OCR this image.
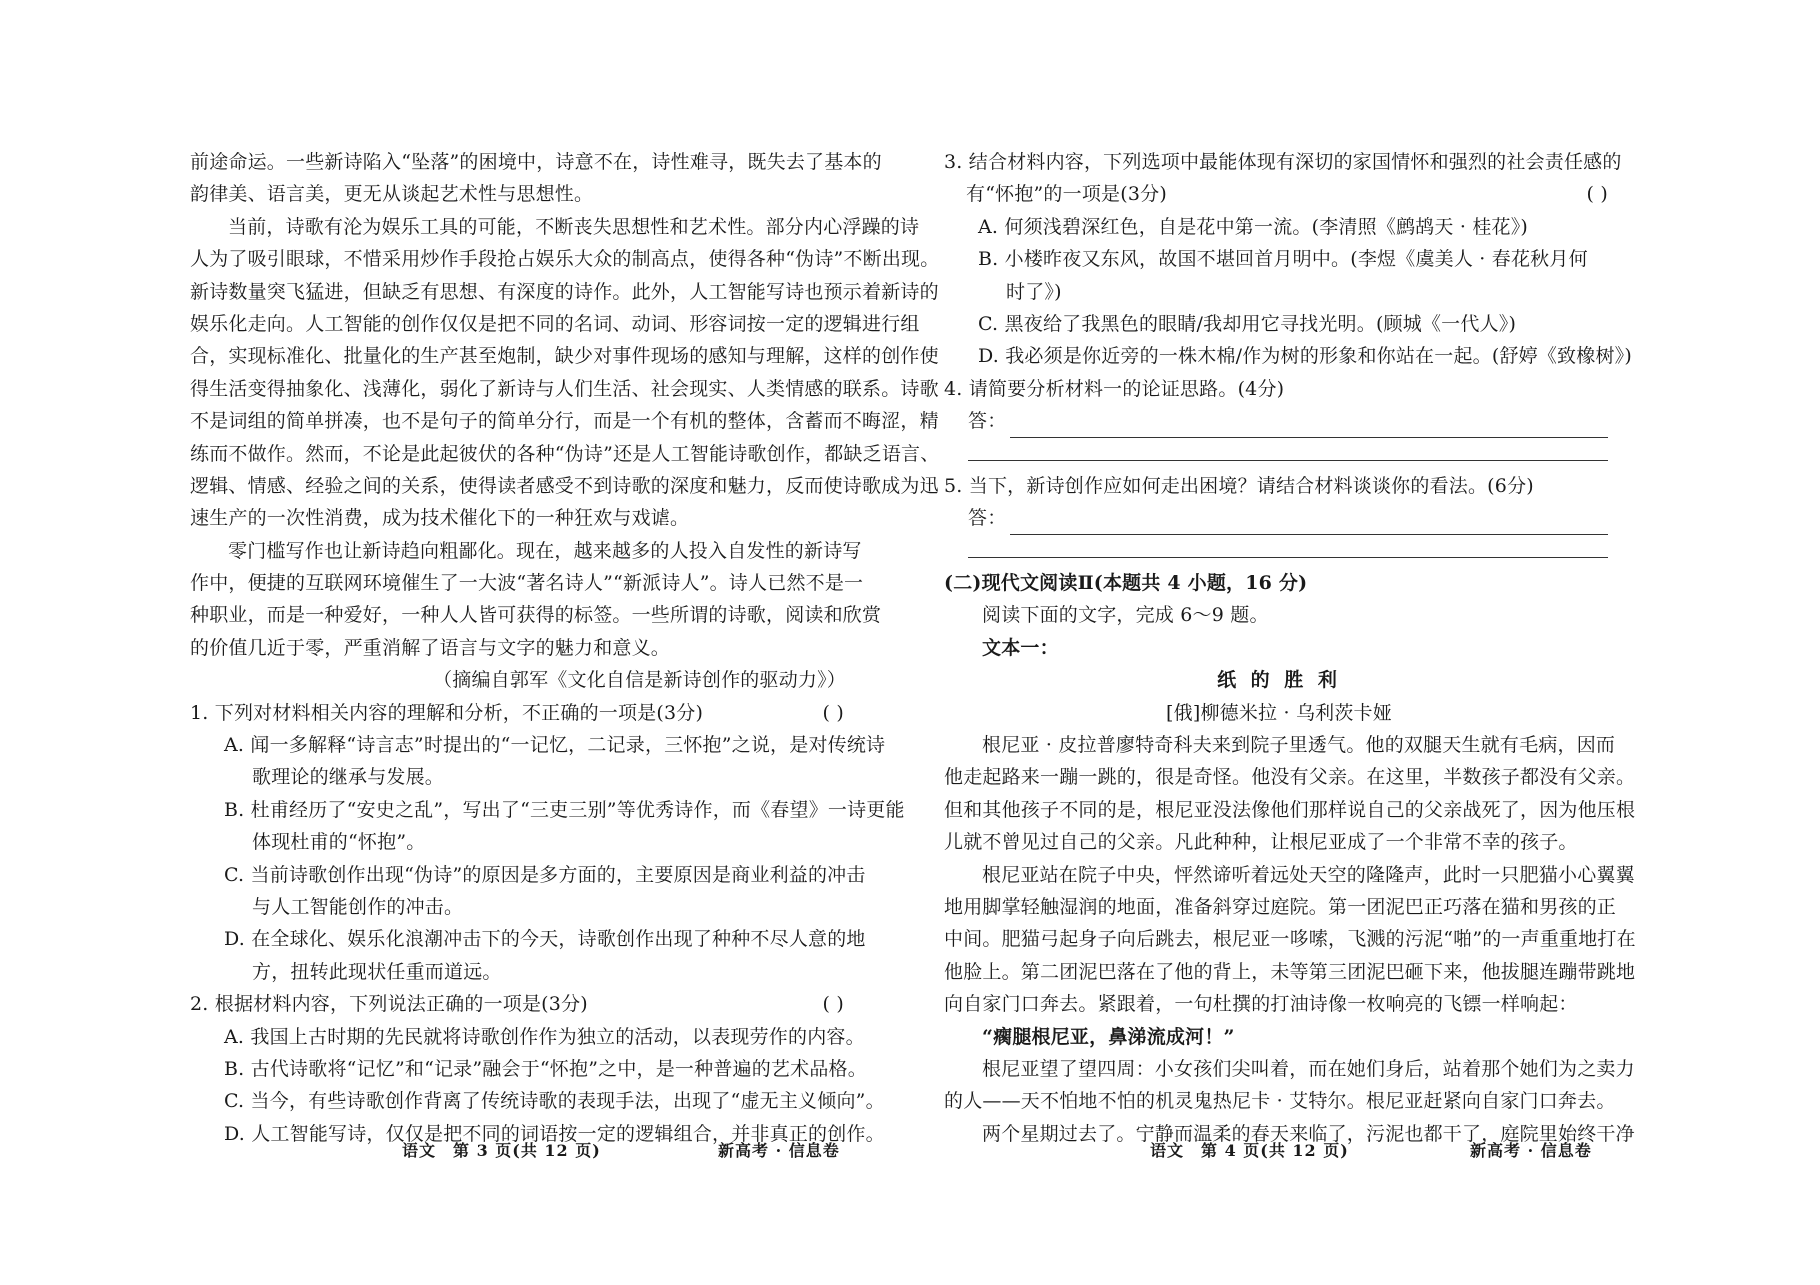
前途命运。一些新诗陷入“坠落”的困境中，诗意不在，诗性难寻，既失去了基本的
韵律美、语言美，更无从谈起艺术性与思想性。
当前，诗歌有沦为娱乐工具的可能，不断丧失思想性和艺术性。部分内心浮躁的诗
人为了吸引眼球，不惜采用炒作手段抢占娱乐大众的制高点，使得各种“伪诗”不断出现。
新诗数量突飞猛进，但缺乏有思想、有深度的诗作。此外，人工智能写诗也预示着新诗的
娱乐化走向。人工智能的创作仅仅是把不同的名词、动词、形容词按一定的逻辑进行组
合，实现标准化、批量化的生产甚至炮制，缺少对事件现场的感知与理解，这样的创作使
得生活变得抽象化、浅薄化，弱化了新诗与人们生活、社会现实、人类情感的联系。诗歌
不是词组的简单拼凑，也不是句子的简单分行，而是一个有机的整体，含蓄而不晦涩，精
练而不做作。然而，不论是此起彼伏的各种“伪诗”还是人工智能诗歌创作，都缺乏语言、
逻辑、情感、经验之间的关系，使得读者感受不到诗歌的深度和魅力，反而使诗歌成为迅
速生产的一次性消费，成为技术催化下的一种狂欢与戏谑。
零门槛写作也让新诗趋向粗鄙化。现在，越来越多的人投入自发性的新诗写
作中，便捷的互联网环境催生了一大波“著名诗人”“新派诗人”。诗人已然不是一
种职业，而是一种爱好，一种人人皆可获得的标签。一些所谓的诗歌，阅读和欣赏
的价值几近于零，严重消解了语言与文字的魅力和意义。
（摘编自郭军《文化自信是新诗创作的驱动力》）
1. 下列对材料相关内容的理解和分析，不正确的一项是(3分)	( )
A. 闻一多解释“诗言志”时提出的“一记忆，二记录，三怀抱”之说，是对传统诗
歌理论的继承与发展。
B. 杜甫经历了“安史之乱”，写出了“三吏三别”等优秀诗作，而《春望》一诗更能
体现杜甫的“怀抱”。
C. 当前诗歌创作出现“伪诗”的原因是多方面的，主要原因是商业利益的冲击
与人工智能创作的冲击。
D. 在全球化、娱乐化浪潮冲击下的今天，诗歌创作出现了种种不尽人意的地
方，扭转此现状任重而道远。
2. 根据材料内容，下列说法正确的一项是(3分)	( )
A. 我国上古时期的先民就将诗歌创作作为独立的活动，以表现劳作的内容。
B. 古代诗歌将“记忆”和“记录”融会于“怀抱”之中，是一种普遍的艺术品格。
C. 当今，有些诗歌创作背离了传统诗歌的表现手法，出现了“虚无主义倾向”。
D. 人工智能写诗，仅仅是把不同的词语按一定的逻辑组合，并非真正的创作。
语文　第 3 页(共 12 页)	新高考 · 信息卷
3. 结合材料内容，下列选项中最能体现有深切的家国情怀和强烈的社会责任感的
有“怀抱”的一项是(3分)	( )
A. 何须浅碧深红色，自是花中第一流。(李清照《鹧鸪天 · 桂花》)
B. 小楼昨夜又东风，故国不堪回首月明中。(李煜《虞美人 · 春花秋月何
时了》)
C. 黑夜给了我黑色的眼睛/我却用它寻找光明。(顾城《一代人》)
D. 我必须是你近旁的一株木棉/作为树的形象和你站在一起。(舒婷《致橡树》)
4. 请简要分析材料一的论证思路。(4分)
答：
5. 当下，新诗创作应如何走出困境？请结合材料谈谈你的看法。(6分)
答：
(二)现代文阅读Ⅱ(本题共 4 小题，16 分)
阅读下面的文字，完成 6～9 题。
文本一：
纸 的 胜 利
[俄]柳德米拉 · 乌利茨卡娅
根尼亚 · 皮拉普廖特奇科夫来到院子里透气。他的双腿天生就有毛病，因而
他走起路来一蹦一跳的，很是奇怪。他没有父亲。在这里，半数孩子都没有父亲。
但和其他孩子不同的是，根尼亚没法像他们那样说自己的父亲战死了，因为他压根
儿就不曾见过自己的父亲。凡此种种，让根尼亚成了一个非常不幸的孩子。
根尼亚站在院子中央，怦然谛听着远处天空的隆隆声，此时一只肥猫小心翼翼
地用脚掌轻触湿润的地面，准备斜穿过庭院。第一团泥巴正巧落在猫和男孩的正
中间。肥猫弓起身子向后跳去，根尼亚一哆嗦，飞溅的污泥“啪”的一声重重地打在
他脸上。第二团泥巴落在了他的背上，未等第三团泥巴砸下来，他拔腿连蹦带跳地
向自家门口奔去。紧跟着，一句杜撰的打油诗像一枚响亮的飞镖一样响起：
“瘸腿根尼亚，鼻涕流成河！”
根尼亚望了望四周：小女孩们尖叫着，而在她们身后，站着那个她们为之卖力
的人——天不怕地不怕的机灵鬼热尼卡 · 艾特尔。根尼亚赶紧向自家门口奔去。
两个星期过去了。宁静而温柔的春天来临了，污泥也都干了，庭院里始终干净
语文　第 4 页(共 12 页)	新高考 · 信息卷
